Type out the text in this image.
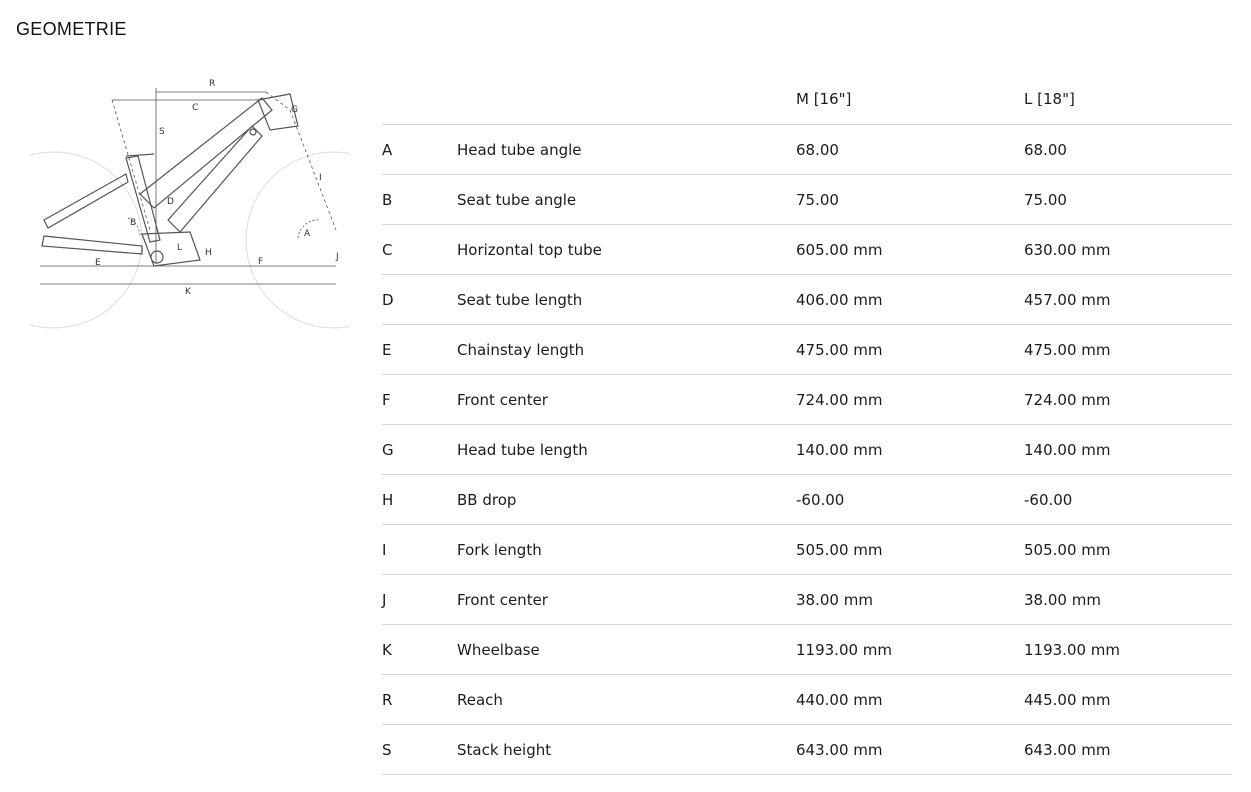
GEOMETRIE
R
C
S
G
I
D
B
A
H
E	F	J
K
L
		M [16"]	L [18"]
A	Head tube angle	68.00	68.00
B	Seat tube angle	75.00	75.00
C	Horizontal top tube	605.00 mm	630.00 mm
D	Seat tube length	406.00 mm	457.00 mm
E	Chainstay length	475.00 mm	475.00 mm
F	Front center	724.00 mm	724.00 mm
G	Head tube length	140.00 mm	140.00 mm
H	BB drop	-60.00	-60.00
I	Fork length	505.00 mm	505.00 mm
J	Front center	38.00 mm	38.00 mm
K	Wheelbase	1193.00 mm	1193.00 mm
R	Reach	440.00 mm	445.00 mm
S	Stack height	643.00 mm	643.00 mm
